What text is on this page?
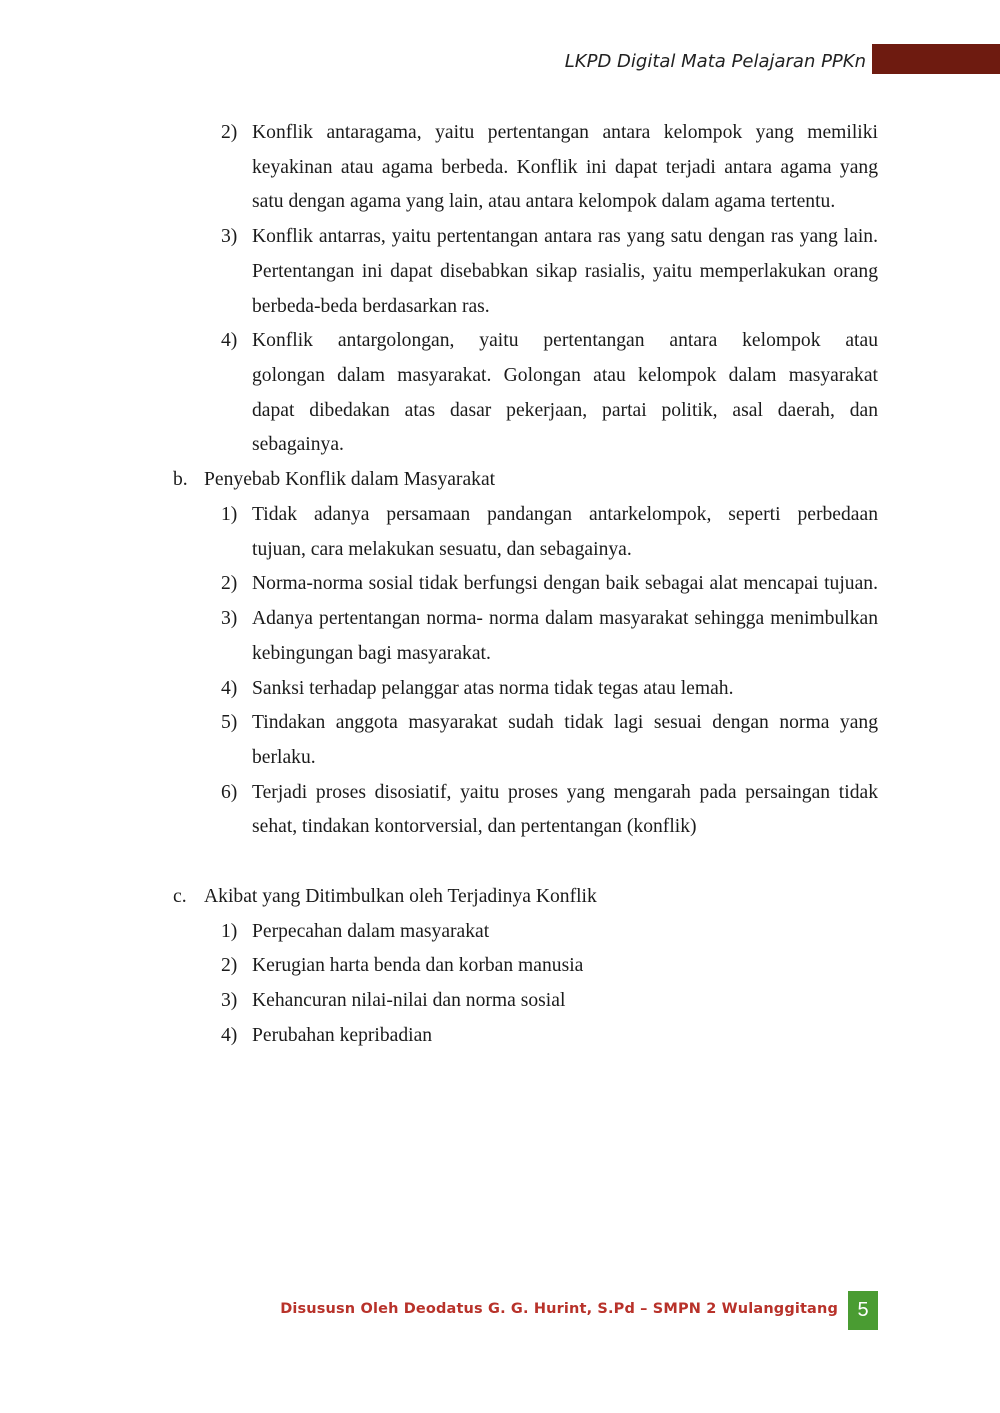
LKPD Digital Mata Pelajaran PPKn
2) Konflik antaragama, yaitu pertentangan antara kelompok yang memiliki
keyakinan atau agama berbeda. Konflik ini dapat terjadi antara agama yang
satu dengan agama yang lain, atau antara kelompok dalam agama tertentu.
3) Konflik antarras, yaitu pertentangan antara ras yang satu dengan ras yang lain.
Pertentangan ini dapat disebabkan sikap rasialis, yaitu memperlakukan orang
berbeda-beda berdasarkan ras.
4) Konflik antargolongan, yaitu pertentangan antara kelompok atau
golongan dalam masyarakat. Golongan atau kelompok dalam masyarakat
dapat dibedakan atas dasar pekerjaan, partai politik, asal daerah, dan
sebagainya.
b. Penyebab Konflik dalam Masyarakat
1) Tidak adanya persamaan pandangan antarkelompok, seperti perbedaan
tujuan, cara melakukan sesuatu, dan sebagainya.
2) Norma-norma sosial tidak berfungsi dengan baik sebagai alat mencapai tujuan.
3) Adanya pertentangan norma- norma dalam masyarakat sehingga menimbulkan
kebingungan bagi masyarakat.
4) Sanksi terhadap pelanggar atas norma tidak tegas atau lemah.
5) Tindakan anggota masyarakat sudah tidak lagi sesuai dengan norma yang
berlaku.
6) Terjadi proses disosiatif, yaitu proses yang mengarah pada persaingan tidak
sehat, tindakan kontorversial, dan pertentangan (konflik)
c. Akibat yang Ditimbulkan oleh Terjadinya Konflik
1) Perpecahan dalam masyarakat
2) Kerugian harta benda dan korban manusia
3) Kehancuran nilai-nilai dan norma sosial
4) Perubahan kepribadian
Disususn Oleh Deodatus G. G. Hurint, S.Pd – SMPN 2 Wulanggitang 5
